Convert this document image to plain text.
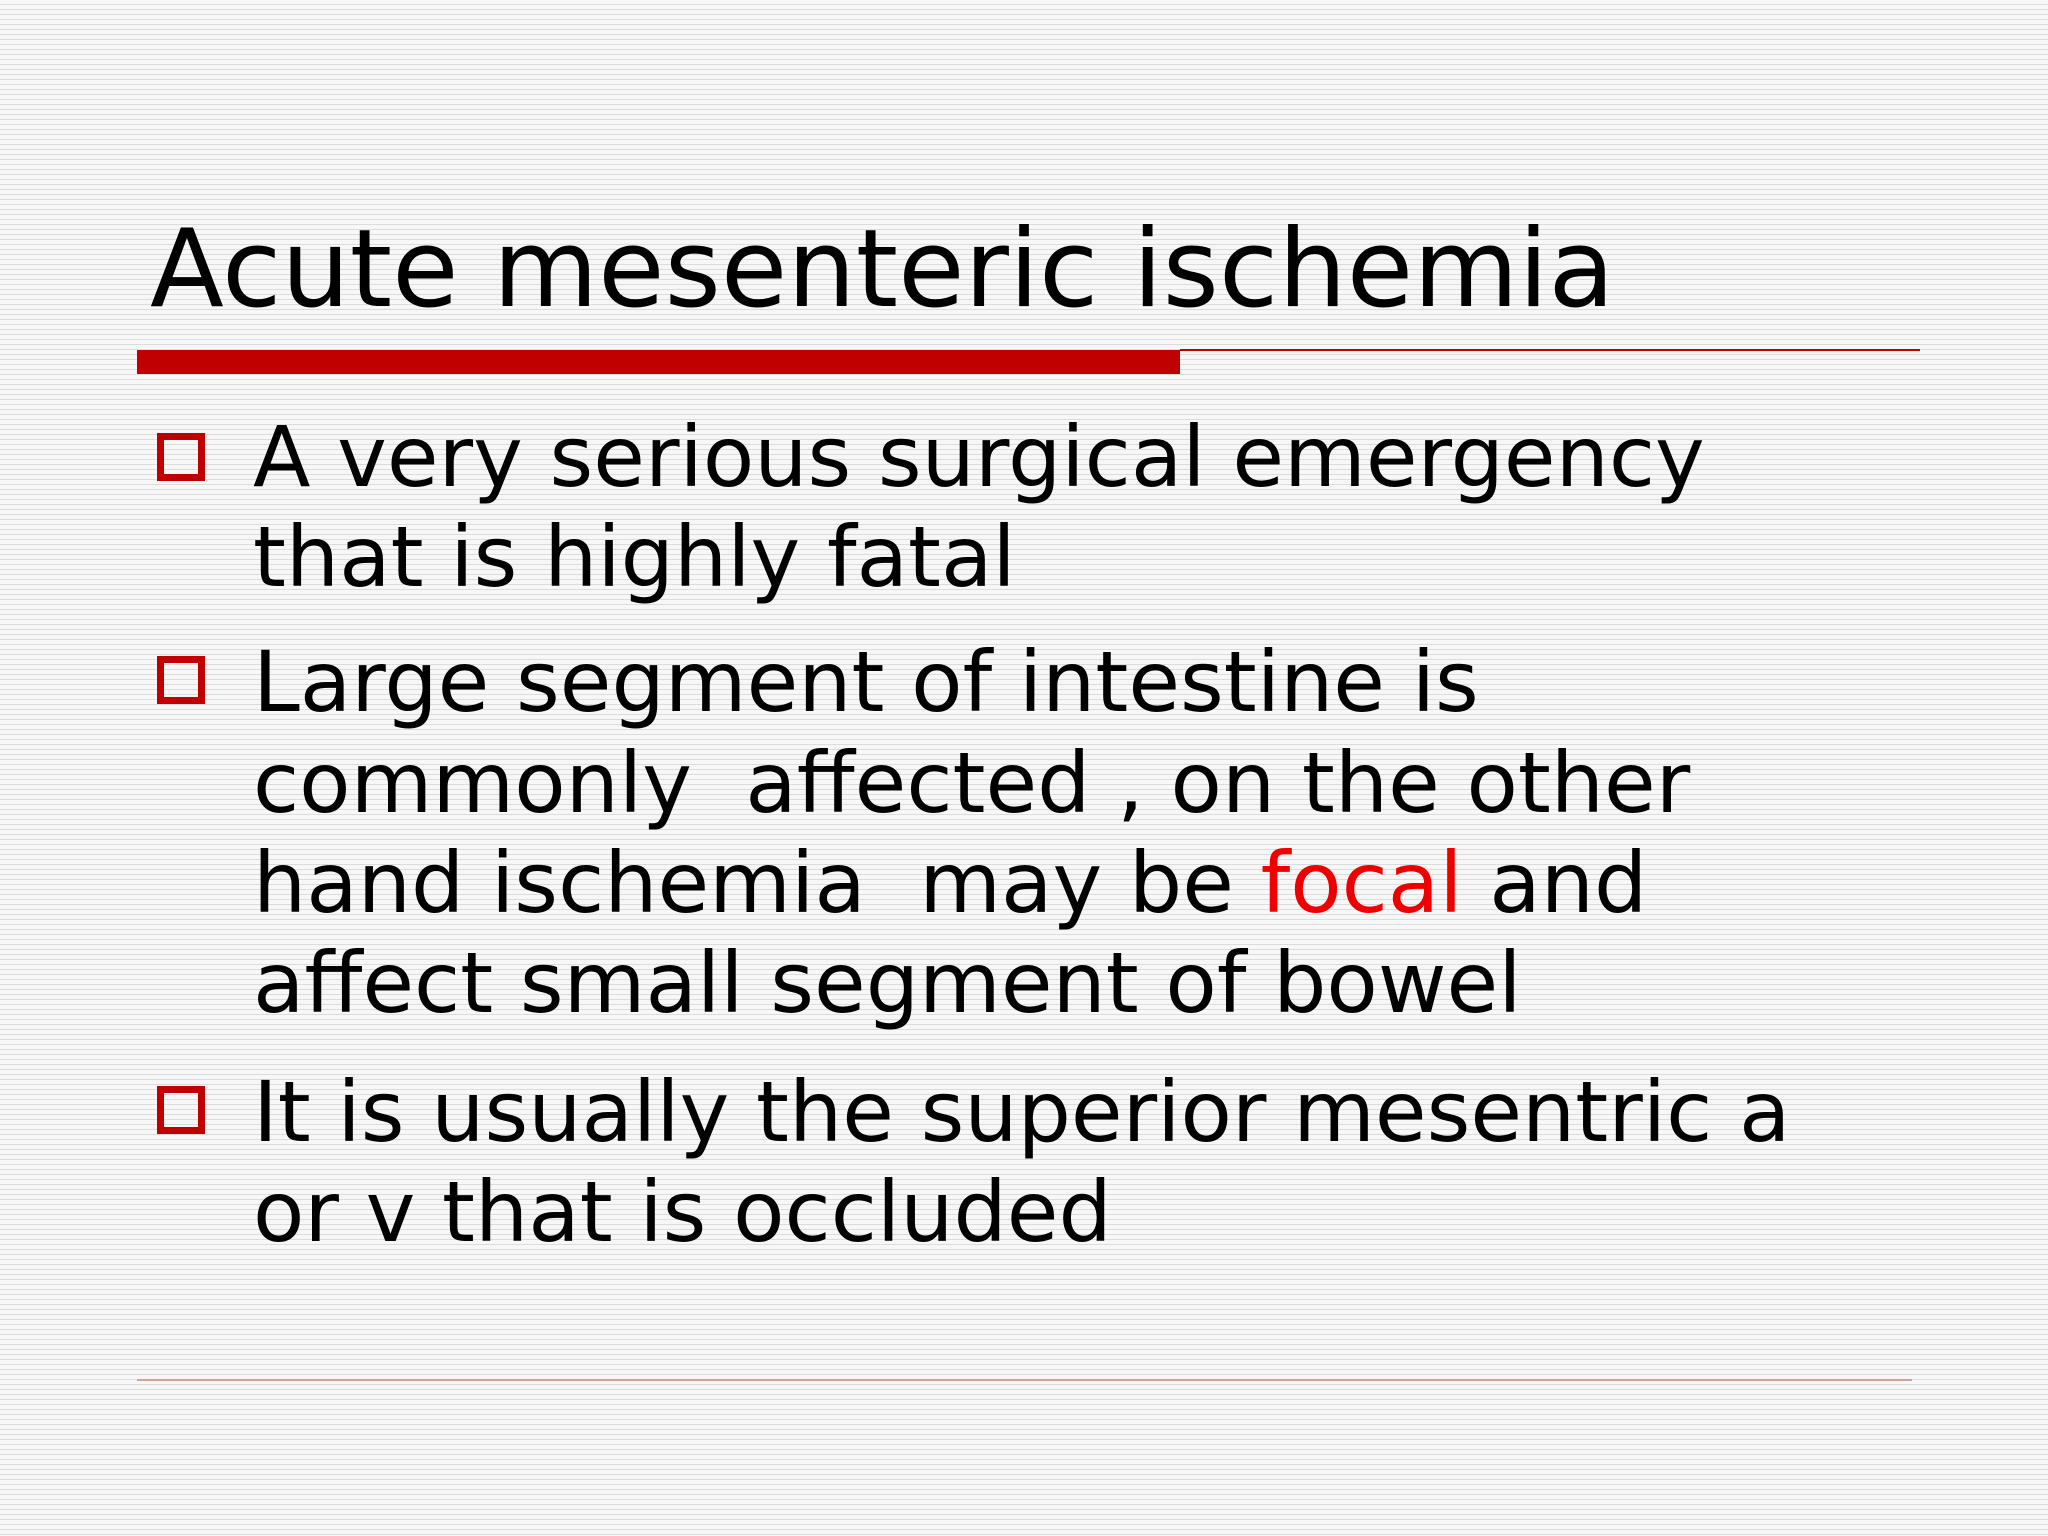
Acute mesenteric ischemia
A very serious surgical emergency
that is highly fatal
Large segment of intestine is
commonly  affected , on the other
hand ischemia  may be focal and
affect small segment of bowel
It is usually the superior mesentric a
or v that is occluded
